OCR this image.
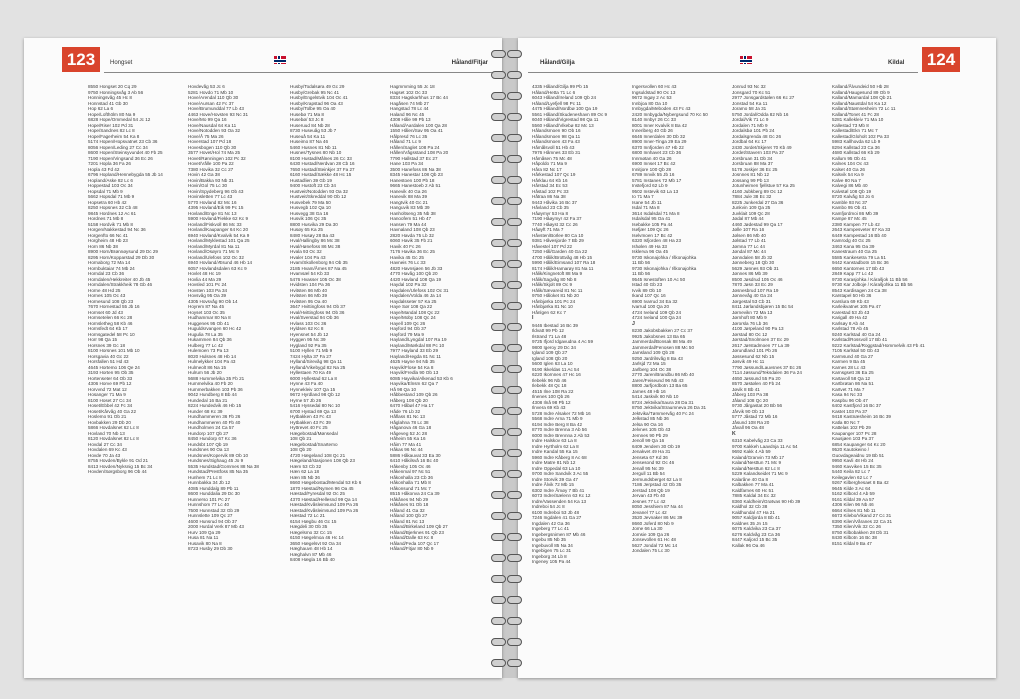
123	Hongset	Håland/Fitjar
8550 Hongset 20 Cq 29
9750 Honningsvåg 3 Ab 56
Honningsvåg 45 Hc 8
Honnstad 41 Gb 30
Hop 62 La 6
Hope/Lofthölm 80 Na 9
6828 Hope/Ommedal 54 Jc 12
Hope/Riser 102 Pd 31
Hope/Sandnes 82 Lc 8
Hope/Fagerheim 54 Ka 8
5174 Hopen/Hopsvatnet 23 Cb 36
8056 Hopen/Leding 27 Cc 34
8600 Hopen/Steinsyvundet 40 Fb 25
7190 Hopen/Vingsand 36 Ec 26
7201 Hopla 36 Fa 26
Hopla 43 Fd 42
6796 Hopland/Hennebygda 55 Jb 14
Hopland/Aske 82 Lc 6
Hoppestad 103 Oc 34
Hopsdal 71 Mb 9
5662 Hopsdal 71 Mb 9
Hopsetra 60 Hb 42
8250 Hopsnes 32 Cb 48
9845 Hordnes 12 Ac 61
Hordnes 71 Mb 8
5158 Hordvik 71 Mb 8
Horgen/Nakkestad 94 Nc 36
Horgenfto 66 Nc 41
Horgheim 48 Hb 23
Horn 86 Nb 38
8900 Horn/Brønnøysund 29 Dc 29
8295 Horn/Kopparstad 29 Db 30
Hornaborg 72 Ma 14
Hornbuktaiar 74 Mb 24
Horndal 23 Cb 36
Horndalen/Hekkreiter 40 Jb 45
Horndalen/Strakkheik 78 Gb 46
Horne 48 Hd 25
Hornes 105 Oc 43
Hornesund 108 Qb 23
7670 Hornestad 55 Jb 16
Hornset 60 Jd 43
Hornsetelen 66 Kc 28
Hornsletheg 58 Kb 46
Hornsfedt 64 Kb 17
Hornsgatedel 58 Pc 10
Horr 98 Qa 15
Horsnes 39 Gc 18
8100 Horsnes 101 Mb 10
Horsgavia 40 Gc 22
Horsfallen 51 Hd 43
4645 Hortemo 106 Qe 24
3193 Horten 95 Ob 35
Hortenseter 64 Ob 33
4306 Horve 69 Pb 12
Horvvnd 72 Mat 12
Hosanger 71 Ma 9
8100 Hoset 27 Cc 34
Hoset/Ebbel 42 Fc 34
Hoset/Kårvåg 40 Ga 22
Hoslemo 91 Ob 21
Hovbakken 29 Db 20
5866 Hovdalsnet 62 Lc 8
Hovland 70 Nb 13
8120 Hovdalsnet 82 Lc 8
Hovdal 27 Cc 34
Hovdalen 69 Kc 43
Hovde 70 Ja 43
8755 Hovden/Bykle 91 Od 21
8413 Hovden/Nyksnig 15 Bc 34
Hovden/Sørgsborg 96 Ob 44
Hovdevåg 53 Jc 6
5281 Hovdo 71 Mb 10
Hove/Arendal 110 Qb 30
Hove/Aursan 42 Fc 37
Hove/Brumunddal 77 Lb 43
4463 Hove/Hovsten 93 Nc 31
Hove/Mo 99 Qa 16
Hove/Nausdal 64 Ka 11
Hove/Notodden 93 Oa 32
Hove/Å 75 Ma 26
Hoverstad 107 Pd 18
Hovesbogen 110 Qb 30
3577 Hovet/Hol 74 Ma 25
Hovet/Rønningen 102 Pc 32
Hovet/Vålle 100 Pa 22
7380 Hovika 32 Cc 27
Hovin 42 Ga 38
Hovin/Bakka 93 Nb 31
Hovin/Gol 75 Lc 30
Hovin/Spydeberg 96 Ob 43
Hovinsletten 77 Lc 43
5770 Hovland 82 Mc 16
4395 Hovland/Eik 99 Pc 15
Hovland/Enge 81 Nc 13
5900 Hovland/Fiekke 62 Kc 9
Hovland/Fiskvoll 86 Mc 33
Hovland/Kaupanger 64 Kc 20
6940 Hovland/Kvalvik 54 Ka 9
Hovland/Myklestad 101 Qa 25
Hovland/Myrdal 81 Na 11
Hovland/Osøyro 71 Mc 9
Hovland/Ulefoss 102 Oc 32
6940 Hovland/Æsund 46 Hb 14
6057 Hovlandsdalen 63 Kc 9
Hovlet 48 Hc 19
Hovlia 44 Ma 29
Hovsled 101 Pc 24
Hovsten 103 Pa 34
Hovsvåg 95 Oa 39
4305 Hovsvåg 90 Ob 14
Hoyrem 87 Na 45
Hoyset 103 Oc 35
Hudhammar 80 Na 8
Huggenes 95 Ob 41
Huguldsrvangen 60 Hc 42
Hugulia 78 La 35
Hukammen 84 Qb 36
Hulberg 77 Lc 42
Hulemoen 73 Pa 13
8020 Hulsnes 48 Hb 14
Hulmelykker 104 Pa 43
Hulmeolt 86 Na 15
Hulrum 56 Jb 20
5688 Hummelvika 35 Fb 21
Hummelvika 40 Fb 20
Hummerbakken 103 Pb 36
9042 Hundberg 8 Bb 44
Hundedal 16 Ba 21
8224 Hundedvik 46 Hb 15
Hunder 68 Kc 39
Hundhammeren 36 Fb 26
Hundhammeren 40 Fb 40
Hundholmen 24 Ca 57
Hundorp 107 Qb 27
8450 Hundorp 67 Kc 36
Hundsbt 107 Qb 19
Hundsnes 90 Oa 13
Hundsnes/Kopervik 89 Ob 10
Hundsnes/Sighaug 45 Jo 9
5535 Hundstad/Gommes 88 Na 38
Hundstad/Prestfoss 85 Na 35
Hunhem 71 Lc 8
Hunnbakka 34 Jb 12
4085 Hunddalg 89 Pb 11
8600 Hunddalia 29 Dc 30
Hunnerso 101 Pc 27
Hunnshom 77 Lc 40
7500 Hunnstad 32 Gb 29
Hunnslette 109 Qc 27
4600 Hunsrud 94 Ob 37
2000 Hurdal Verk 87 Mb 43
Hurv 109 Qa 29
Husa 81 Na 11
Husavik 80 Na 8
8723 Husby 29 Db 30
Husby/Todalsøra 49 Gc 29
Husby/Grebak 95 Nc 41
Husby/Engelstvik 104 Oc 41
Husby/Krapstad 96 Oa 43
Husby/Tolbe 95 Oa 40
Husebø 71 Ma 8
Husebø/ 53 Jc 8
Huseruud 84 Nb 28
8730 Huseuåg 53 Jb 7
Huseuå 54 Ka 11
Huseimo 87 Na 46
5460 Husnes 81 Nb 11
Husnes/Tysnes 80 Nb 10
8100 Hustad/Målnes 26 Cc 33
6430 Hustad/Nerdvan 28 Cb 16
7650 Hustad/Steinkjer 37 Fa 27
6160 Hustad/Sække 48 Hc 15
Hustadlien 39 Gb 19
9400 Hustoft 23 Cb 34
Hustveit/Notodden 93 Oa 32
Hustveit/Skreddal 90 Ob 12
Husvebek 79 Ma 50
Husvegb 102 Qa 10
Husvegg 38 Ga 16
Husvik 106 Qc 35
8800 Husvika 29 Da 30
Husøy 65 Ka 25
8480 Husøy 28 Ba 43
Hval/Hallingby 86 Mc 38
Hval/Hønefoss 86 Mc 38
Hvala 93 Oc 32
Hvaler 104 Pa 43
Hvam/Skollenborg 94 Ob 35
2185 Hvam/Årnes 87 Na 45
Hvamsæl 54 Kb 33
5476 Hvasser 105 Oc 38
Hvidsten 104 Pa 36
Hvitsten 86 Mb 40
Hvitsten 86 Mb 39
Hvitsten 95 Oa 40
3647 Hvittingfoss 94 Ob 37
Hval/Hvittingfoss 94 Ob 36
Hval/Sverstad 94 Ob 36
Hvlass 103 Oc 36
Hyldsen 62 Kc 8
Hyensnet 54 Jb 12
Hyggen 95 Nc 39
Hygland 92 Pa 35
5100 Hyllen 71 Mb 9
7424 Hylta 37 Fa 27
Hylland/Sirevåg 98 Qa 11
Hylland/Vikebygd 82 Na 25
Hyllestaen 70 Ka 49
6000 Hyllestad 62 La 8
Hynne 43 Fa 40
Hynnekleiv 107 Qa 15
9672 Hyrdland 98 Qb 12
Hyrne 57 Jb 26
5416 Hyssedal 80 Nc 10
6700 Hystad 69 Qa 13
Hytbakken 43 Fc 43
Hytbakken 43 Fc 39
Hyttrevet 40 Fc 25
Hægebostad/Mønsedal
108 Qb 21
Hægebostad/Snartemo
108 Qb 20
4720 Hægeland 108 Qc 21
Hægeland/stasjonen 108 Qb 23
Hæm 53 Cb 32
Hæn 62 La 18
Hæn 85 Nb 36
8660 Hægebostad/Mendal 53 Kb 6
1870 Hæstad/Nymen 96 Oa 45
Hæstad/Fyresdal 92 Oc 25
4370 Hæstad/Hellesnd 99 Qa 14
Hæstad/Kvåsleimsund 109 Pa 26
Hæstad/Kvåsleimsund 109 Pa 26
Hæstad 72 Lc 21
6154 Hægbu 46 Gc 15
Hægdeli 30 Ob 35
Hægelsmo 32 Cc 15
6150 Hægelmoa 46 Hc 14
3650 Hægelsvt 92 Oa 34
Hæghauvn 48 Hb 14
Hæghalvn 87 Mb 46
8408 Hægla 16 Bb 40
Hagmmming 55 Jc 18
Hagset 102 Oc 33
8334 Hagskarhhus 17 Bc 44
Hagåsen 74 Mb 27
Hangstad 78 Lc 44
Haland 96 Nc 45
4308 Håle 99 Pb 13
Håland/Aardalen 100 Qa 28
1550 Hålen/Sav 95 Oa 41
Hålpresd 76 Lc 35
Håland 71 Lc 9
Hållen/Saglet 108 Pa 24
Hållen/Vågsstand 108 Pa 20
7790 Hallstad 37 Ec 27
Hane 103 Pa 34
3500 Hanefoss 86 Na 38
8345 Hanestar 108 Qb 23
Hanestoen 100 Pb 18
9665 Hanestoeb 2 Ab 51
Hanevik 40 Ga 26
Hanevik 88 Ma 39
Hangtvik 40 Gc 21
Hanguvik 83 Mb 39
Hanholtseng 35 Nb 38
Hanoofem 51 Hb 47
Hansen 79 Ma 44
Havnaland 108 Qb 23
2820 Havda 75 Lb 32
6060 Havik 35 Fb 21
Havik 40 Fc 26
7176 Havika 36 Ec 25
Havika 45 Gc 25
Havneis 76 Lc 33
4820 Havnsjøen 56 Jb 33
4770 Havåg 100 Qb 20
4420 Havland 108 Qa 19
Haydal 102 Pa 32
Haydalen/Ulefoss 102 Oc 31
Haydalen/Volda 46 Ja 14
Haydalsseter 57 Ka 25
Haye Sør 108 Qa 22
Haye/Mandal 108 Qc 22
Haye/Moby 108 Qc 24
Hayell 109 Qc 26
Hayford 94 Ob 37
Hayford 79 Ma 9
Hayland/Lyngdal 107 Ra 19
Hayland/Mørkdal 88 Pc 10
7977 Hayland 33 Eb 29
Hayland/Hegda 81 Nc 11
4625 Hayne 94 Nb 35
Hayvik/Flose 54 Ka 8
Hayvik/Fredla 90 Ob 13
6085 Hayvika/Alkenad 53 Kb 6
Hayvika/Elnsm 62 Qa 7
Hå 98 Qa 10
Håbbestand 109 Qb 26
Håberg 108 Qb 20
6470 Håbøl 47 Ha 17
Håde 76 Lb 32
Håflass 81 Nc 13
Håglahna 78 Lc 38
Håganova 46 Ga 18
Hågeveg 52 Jc 28
Håheim 55 Ka 16
Håim 77 Ma 41
Håkas 96 Nc 44
5886 Håkauvat 33 Ea 30
6410 Håkilsvå 16 Bc 40
Håkenby 105 Oc 46
Håkenmal 97 Nc 51
Håkonhalla 23 Cb 36
Håkonhalla 71 Mb 8
Håkonsund 71 Mc 7
8515 Håkonva 24 Ca 39
Håkånes 94 Nb 29
Håkånes 91 Ob 18
Håland 41 Ga 32
Håland 100 Qb 27
Håland 81 Nc 13
Håland/Birkeland 109 Qb 27
Håland/Bjerknes 91 Qb 23
Håland/Dalle 63 Kc 8
Håland/Feda 107 Qc 17
Håland/Fitjar 80 Nb 9
124
Håland/Gilja	Kildal
4335 Håland/Gilja 99 Pb 15
Håland/Hetta 71 Lc 6
6043 Håland/Ireland 109 Qb 24
Håland/Lyefjell 98 Pc 11
4475 Håland/Nordbø 100 Qa 19
5561 Håland/Skudeneshavn 89 Oc 9
6040 Håland/Vigrestad 98 Qa 11
5560 Håland/Vikebø 82 Mc 13
Hålandsmoen 90 Ob 16
Hålandsmoen 98 Qa 11
Hålandsmoen 43 Fa 43
Håmålsvoll 51 Hb 43
7976 Håmnes 33 Eb 31
Håmåsen 75 Mc 48
Håpoldo 71 Ma 9
Håra 82 Nc 17
Hårkestad 107 Qc 19
Hårklau 64 Kb 16
Hårstad 34 Ec 53
Håstad 102 Pc 33
Håtraa 86 Na 38
9443 Håvika 16 Bc 37
Håvland 23 Cb 35
Håøymyr 53 Ha 8
7190 Håøymyr 42 Fa 37
7740 Håøyst 32 Cc 26
Håøyft 71 Ma 7
Håvsten/Borlee 80 Ca 10
9381 Håvesjorde 7 Bb 29
Håvestel 107 Pd 22
7250 Hål/Garden 40 Ga 22
4700 Hålik/Brottvåg 48 Hb 15
5990 Hålik/Eimsand 107 Ra 18
8174 Hålik/Hamarøy 81 Na 11
Hålik/Kingnetoft 88 Ma 9
Hålik/Sagvåg 80 Nb 8
Hålik/Skjolt 89 Oc 9
Hålik/Sævareid 81 Nc 11
9750 Håloket 81 Nb 20
Hånbjørka 101 Pc 24
Hånbjørka 81 Nc 10
Hånlgen 62 Kc 7
I
9446 Ibestad 16 Bc 39
Ildvatt 99 Pb 12
Ilstrand 71 La 48
9725 Ifjord Idgavudna 4 Ac 59
9800 Igeroy 29 Dc 34
Igland 109 Qb 27
Igland 108 Qb 20
5600 Iglen 63 La 10
9190 Ikkeldas 11 Ac 54
6220 Ikornnes 47 Hc 16
Ilebekk 96 Nb 46
Ilebekk 48 Qc 18
4515 Ilne 108 Ra 22
Ilnenes 100 Qb 26
4308 Ilnå 98 Pb 12
Ilnvera 69 Kb 43
5728 Indre Alsaker 72 Mb 16
5568 Indre Arna 71 Mb 9
6194 Indre Berg 8 Ba 42
8770 Indre Brenna 3 Ab 56
6000 Indre Brennna 2 Ab 53
Indre Halskov 63 La 8
Indre Hyrtholm 62 La 8
Indre Kandal 55 Ka 15
5960 Indre Kåberg 8 Ac 68
Indre Matre 81 Nb 12
Indre Oppedal 63 La 10
9700 Indre Sandvik 3 Ac 55
Indre Storvik 39 Ga 47
Indre Ålvik 72 Mb 15
6302 Indre Åmøy 7 Bb 41
6073 Indre/Sælenn 63 Kc 12
Indre/Vassenden 54 Ka 13
Indreboi 54 Jc 8
6100 Indreboi 53 Jb 48
7246 Ingdalen 41 Ga 27
Ingdalen 42 Ga 36
Ingeberg 77 Lc 41
Ingebergsnimen 87 Mb 46
Ingebu 85 Nb 35
Ingebuvoll 85 Na 34
Ingebigen 75 Lc 31
Ingeborg 34 Lb 8
Ingeney 105 Pa 44
Ingersvollen 60 Hc 43
Ingsuldstad 90 Oc 13
9672 Ingøy 2 Ac 53
Innbjoa 80 Oa 10
Innbygda/Meboden 43 Fc 43
2420 Innbygda/Nybergsund 70 Kc 50
8140 Innbyr 26 Cc 33
8001 Inner Kvalvik 8 Ba 42
Inneriberg 40 Gb 26
6646 Innerdalen 30 Db 32
8900 Inner-Tinga 29 Ea 29
6370 Innfjorden 47 Hb 22
6800 Innhavet 23 Cb 36
Innmøtan 40 Ga 26
6900 Innset 17 Bc 42
Innitjore 100 Qb 28
6789 Innvik 55 Jb 16
5781 Instanes 72 Mb 17
Instefjord 62 Lb 9
9502 Instevik 63 La 13
Io 71 Ma 7
Isane 54 Jb 11
Isdal 71 Ma 8
3614 Isdalsdal 71 Ma 8
Isdalsdal 95 Oa 41
Isebakke 105 Pa 44
Isefjær 109 Qc 26
Iselvmoen 17 Bc 42
6320 Isfjorden 48 Ha 23
Ishølen 49 Ha 33
Isklerva 96 Oa 45
9730 Iskonajohka / Iškonajohka
11 Bb 56
9730 Iskonajohka / Iškonajohka
11 Bb 56
9545 Isnestoften 10 Ac 50
Istad 40 Gb 23
Ivvik 89 Ob 10
Ikand 107 Qc 16
6900 Ivarrud 34 Ea 32
Ivarrud 100 Qa 20
4724 Iveland 109 Qb 24
4724 Iveland 100 Qa 24
J
8230 Jakobsbakken 27 Cc 37
9925 Jakobsnes 13 Ba 65
Jammerdal/Bonsak 88 Ma 49
Jammerdal/Fenosen 88 Mc 50
Jamsland 109 Qb 28
9250 Jardrilsvåg 8 Ba 43
Jarlsjd 72 Ma 15
Jarlberg 104 Oc 38
2770 Jaren/Brandbu 86 Mb 40
Jaren/Feiseund 96 Nb 43
8800 Jarfjordbotn 13 Ba 65
Jarnes 48 Hb 16
5414 Jaskvik 80 Nb 10
8724 Jektvika/Saura 28 Da 31
8750 Jektvika/Straumneva 26 Da 31
Jektvika/Tømmervåg 40 Fc 24
Jelkstad 85 Nb 36
Jelsa 90 Oa 16
Jelvnes 105 Ob 43
Jemnes 90 Pb 29
Jenoll 99 Qa 16
6409 Jendem 30 Ob 19
Jenakvet 49 Ha 31
Jenseta 67 Kd 36
Jensesond 92 Oc 46
Jenall 95 Nc 39
Jergull 11 Bb 54
Jermundsberget 62 La 8
7186 Jerpstad 42 Ob 35
Jerstad 108 Qb 19
Jervan 43 Fb 40
Jesnes 77 Lc 42
8050 Jesshiem 87 Na 44
Jevanel 77 Lc 42
3520 Jevnaker 86 Mc 39
8660 Joferd 80 Nb 9
Jome 66 La 30
Jomsie 109 Qa 26
Jonsevollen 61 Hc 48
5627 Jondal 72 Mc 14
Jondalen 75 Lc 30
Jonrud 93 Nc 32
Jonsgard 70 Kc 51
2977 Jonsgardstølen 66 Kc 27
Jonstad 54 Ka 11
Joramo 58 Ja 31
5750 Jordal/Odda 82 Nb 16
Jordal/Vik 71 Lc 9
Jordalen 71 Mb 9
Jordalsbø 101 Pb 24
Jordalsgrenda 48 Gc 26
Jordbal 64 Kc 17
2430 Jordet/Skjeret 70 Kb 49
Jordet/Stavern 103 Pa 37
Jorsbruan 31 Db 34
Jorsbruan 88 Ma 37
5178 Joskjer 36 Ec 25
Josnnes 81 Nb 12
Jossang 99 Pb 13
Jotunheimen fjellstue 57 Ka 25
4160 Jubkberg 89 Oc 12
7884 Jule 38 Ec 32
8225 Junkerdal 27 Da 36
Junkvin 109 Qa 25
Juvklait 109 Qc 28
Jødal 87 Mb 44
4460 Jødestad 99 Qa 17
Jølle 107 Ra 16
Jølsen 86 Mb 40
Jølstad 77 Lb 41
Jømna 77 Lc 44
Jøndal 87 Mc 44
Jønndalen 58 Jb 32
Jønneberg 18 Qb 30
5629 Jønnes 93 Ob 31
Jønnes 86 Mb 39
8500 Jøsdrud 105 Oc 46
7870 Jøsn 33 Ec 29
Jøsnesbrud 107 Ra 19
Jønnevåg 40 Ga 24
Jørgestal 53 Cb 31
8411 Jørlandsbjøren 15 Bc 54
Jørnevikn 72 Ma 13
Jørnhoft 80 Mb 9
Jørorsla 76 Lb 36
4100 Jørpeland 90 Pa 13
Jørstad 80 Oc 12
Jørstad/Snolmoen 37 Ec 29
2617 Jørstadmoen 77 La 39
Jørundland 101 Pb 26
Jøssesund 62 Nb 15
Jøsvik 49 Hc 11
7790 Jøssund/Lauvsnes 37 Ec 26
7114 Jøssund/Teksdalen 36 Fa 24
4650 Jøssund 55 Pa 20
8570 Jøstølen 40 Fb 24
Jøvik 8 Bb 41
Jåberg 103 Pa 38
Jåland 108 Qc 20
9730 Jårgastat 20 Bb 56
Jårvik 90 Ob 13
5777 Jåstad 72 Mb 16
Jåsund 108 Ra 20
Jåvall 96 Oa 48
K
6310 Kabelvåg 23 Ca 33
9700 Kakkeh Laavdnja 11 Ac 54
9692 Kakk 4 Ab 59
Kaland/Granvin 73 Mb 17
Kaland/Nesttun 71 Mc 9
Kaland/Nesttun 62 Lc 8
5229 Kalandseidet 71 Mc 9
Kalaråne 40 Ga 8
Kalbakken 77 Ma 41
Kaldfarnes 60 Hc 51
7885 Kaldal 34 Ec 32
8360 Kaldheim/Grøtvas 90 Hb 39
Kaldhol 32 Cb 38
Kaldhundal 47 Ha 21
9057 Kaldjorda 8 Bb 41
Kaldnes 35 Jn 15
6075 Kaldvika 23 Ca 37
6276 Kaldvåg 23 Ca 36
8447 Kaljord 15 Bc 35
Kallak 96 Oa 46
Kalland/Ålvundeid 50 Hb 28
Kalland/Haugesund 89 Ob 9
Kalland/Mamardal 108 Qb 21
Kalland/Naustdal 54 Ka 12
Kalland/Stømnesheim 72 Lc 11
Kalland/Tonet 41 Fc 28
5281 Kallekleiv 71 Ma 10
Kallestad 73 Mb 8
Kallestad/Ekn 71 Mc 7
Kallestad/Gloholt 102 Pa 33
5983 Kallhovda 62 Lb 9
8294 Kallstad 23 Ca 36
4680 Kallstad 66 Kb 29
Kallum 95 Ob 41
Kalnes 104 Oc 43
Kalset 40 Ga 26
Kalsvik 54 Ka 9
Kalve 80 Na 7
Kalvegi 86 Mb 40
Kalvstøl 108 Qb 19
8720 Kalvåg 53 Jo 6
Kamble 93 Nc 37
Kambo 95 Ob 41
Kamfjordmoi 86 Mb 39
Kampe 87 Mc 45
2380 Kampen 77 Lb 42
2643 Kampesveter 67 Ka 33
6449 Kampestad 16 Bb 40
Kamrodg 40 Gc 25
3463 Kana 95 Oa 39
Kanestraum 40 Ga 25
5585 Kankesetra 79 La 51
9442 Kanstadbotn 15 Bc 36
6650 Kantornes 17 Bb 43
2849 Kapp 77 Lc 42
9730 Karasjohka / Kárašjok 11 Bb 56
9730 Kar Jolboje / Kárašjohka 11 Bb 56
8543 Kardisagen 24 Ca 38
Karstapel 50 Hb 36
Karslura 69 Kb 43
Karleikvatnet 105 Pa 47
Karestad 53 Jb 43
Karigall 49 Ha 42
Karlsøy 8 Ab 44
Karlstad 78 Ab 45
9240 Karlstad 40 Ga 24
Karlstad/Rossvoll 17 Bb 41
9222 Karlstad/Roggstad/Hommelvik 43 Fb 41
7105 Karlstøl 50 Gb 43
Karmsund 40 Ga 27
Karmen 9 Ba 45
Karnes 28 Lc 43
Karnsgsett 36 Ea 25
Kartavoll 58 Qa 12
Kartbrøtan 86 Na 51
Kartvet 71 Ma 7
Kasa 94 Nc 33
Kaspbu 96 Ob 47
6402 Kastfjord 16 Bc 37
Kastet 103 Pa 37
9418 Kastnæsheim 16 Bc 39
Katla 80 Nc 7
Kattelas 102 Pb 29
Kaupanger 107 Pc 28
Kausjøen 103 Pa 37
6854 Kaupanger 64 Kc 20
9520 Kautokeino /
Guovdageaidnu 19 Bb 51
9950 Kavli 48 Hb 24
9460 Kavviken 15 Bc 35
5440 Keila 82 Lc 7
Keilegavlen 62 Lc 7
9267 Kilberghesaet 8 Ba 42
9645 Kilde 3 Ac 64
5162 Kilbord 4 Ab 59
9161 Kildal 39 Aa 57
4306 Kilen 96 Nb 46
6664 Kilnes 81 Nb 11
6673 Kilebo/Vikand 27 Cc 31
8390 Kilen/Våranes 22 Ca 31
7350 Kilen/Vik 32 Cc 26
8750 Kilbobakken 28 Db 31
8430 Kilbotn 16 Bc 38
8151 Kildal 9 Ba 47
